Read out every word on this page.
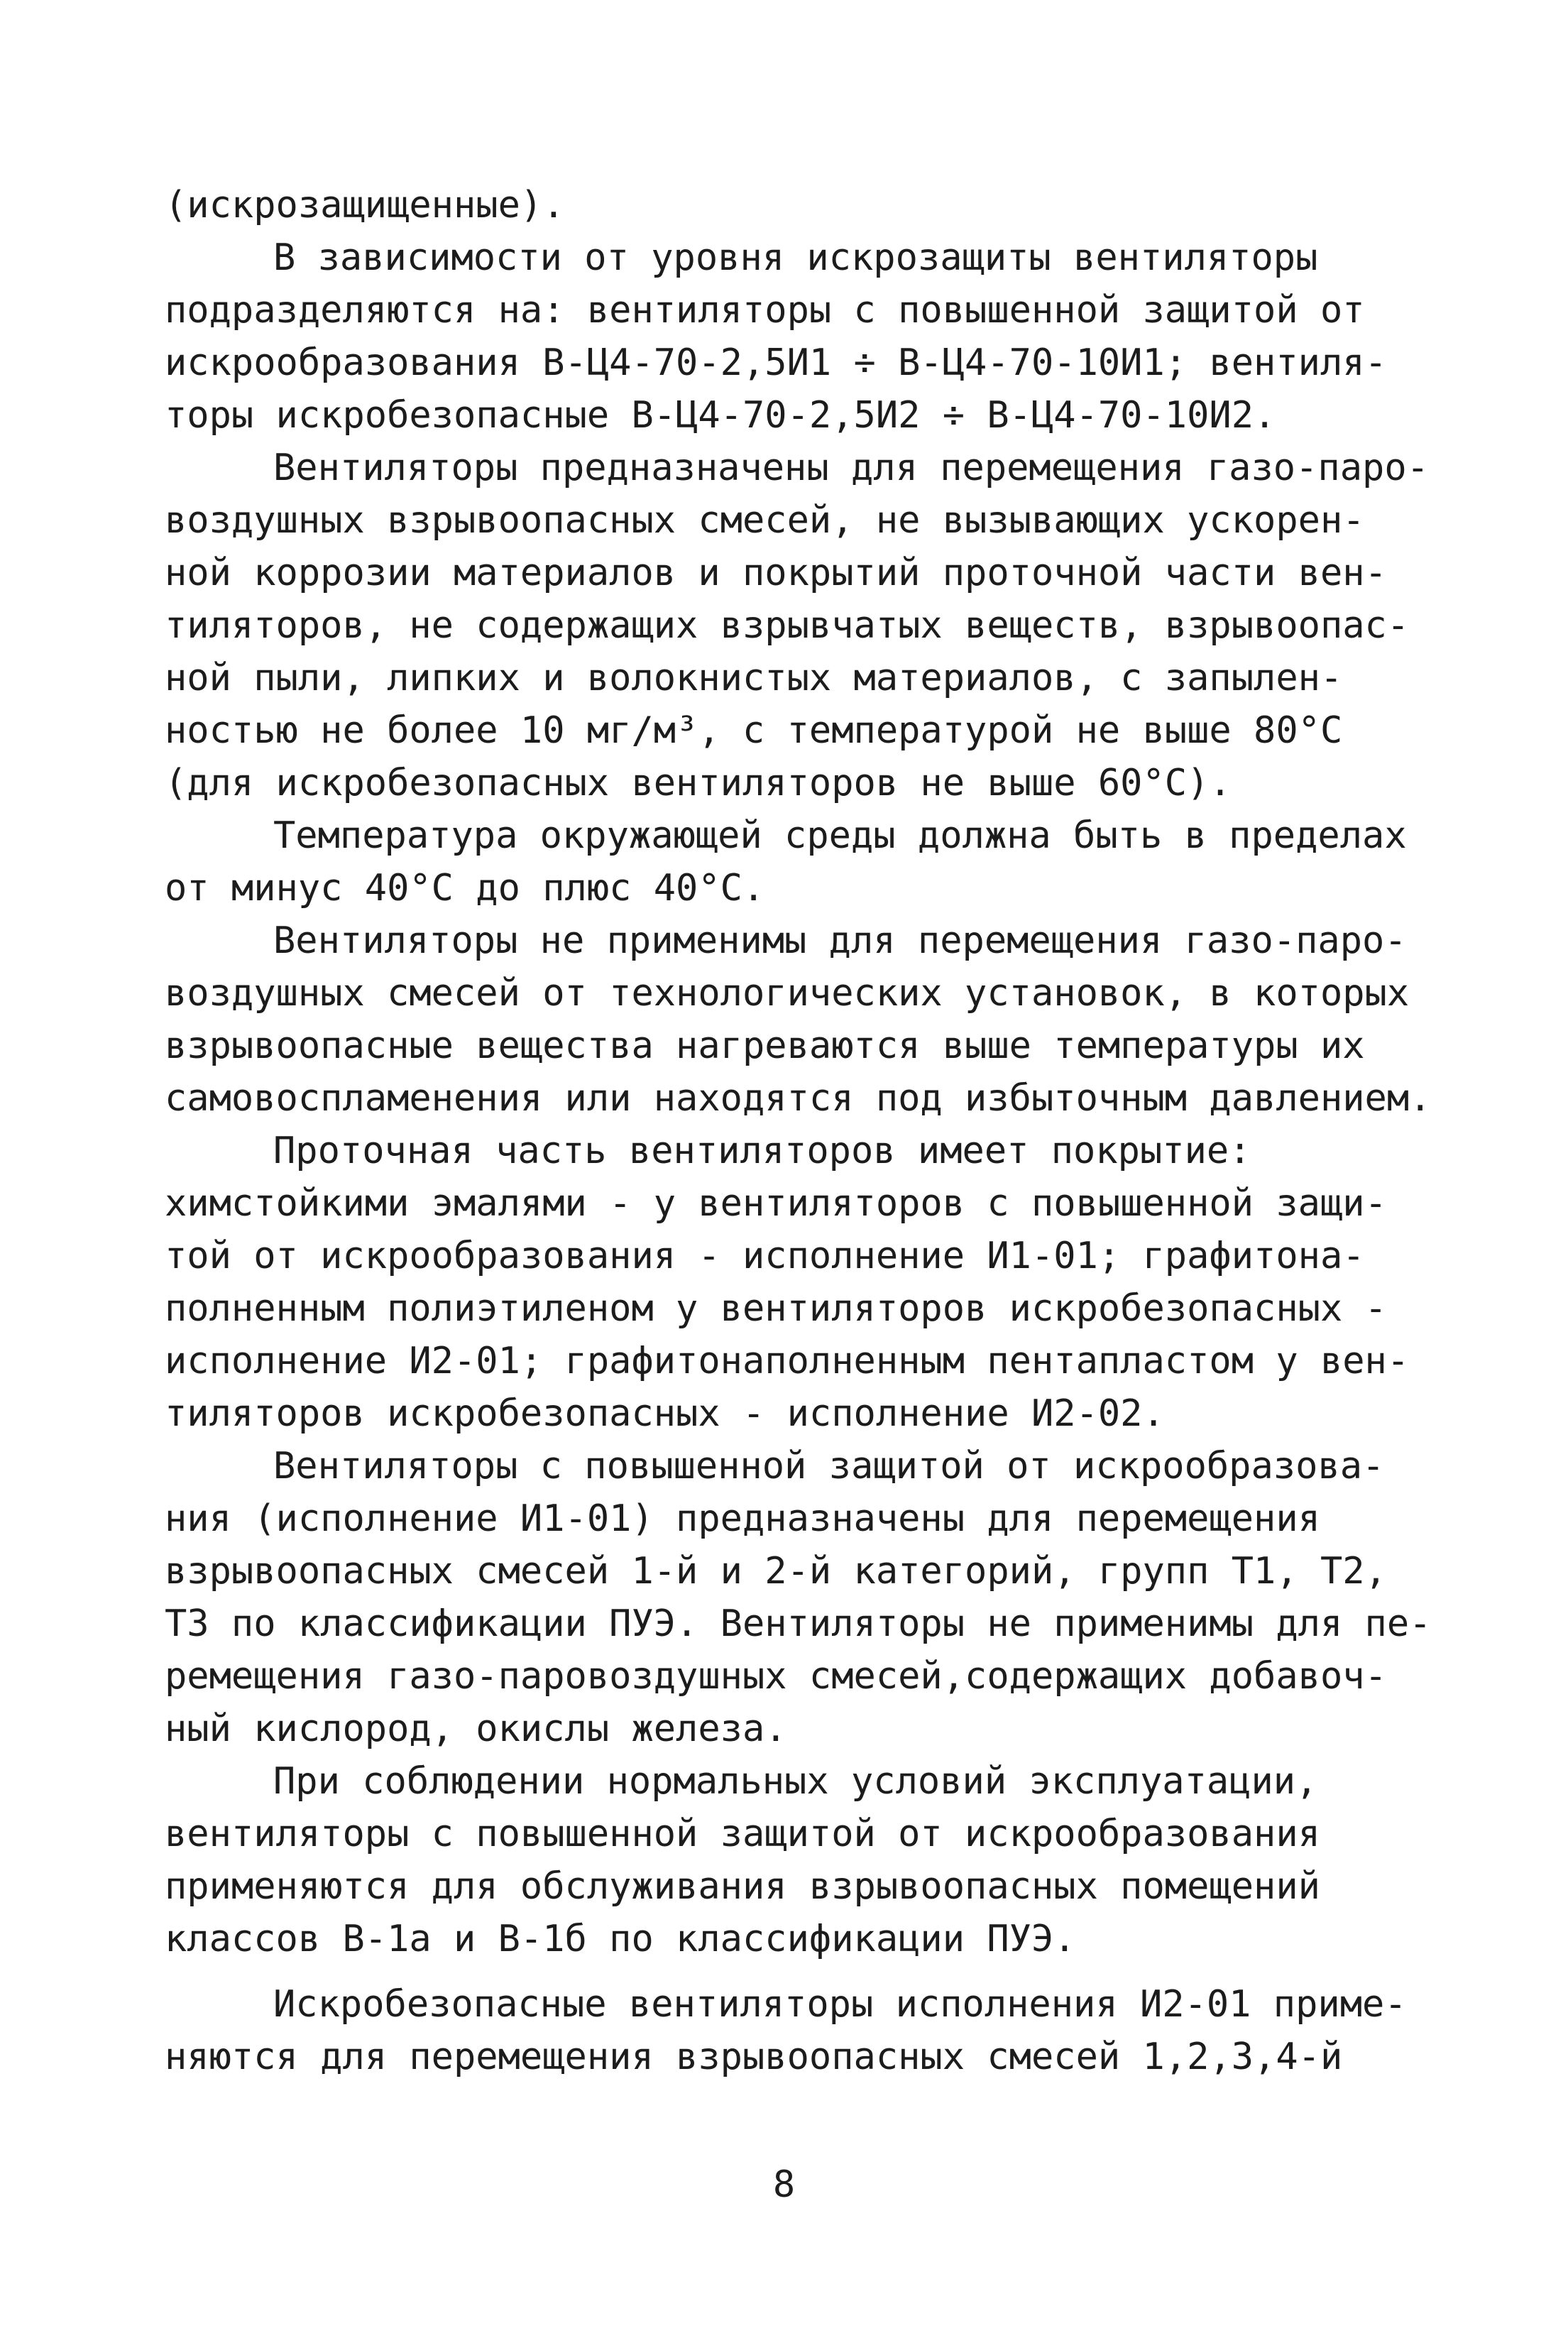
(искрозащищенные).
В зависимости от уровня искрозащиты вентиляторы
подразделяются на: вентиляторы с повышенной защитой от
искрообразования В-Ц4-70-2,5И1 ÷ В-Ц4-70-10И1; вентиля-
торы искробезопасные В-Ц4-70-2,5И2 ÷ В-Ц4-70-10И2.
Вентиляторы предназначены для перемещения газо-паро-
воздушных взрывоопасных смесей, не вызывающих ускорен-
ной коррозии материалов и покрытий проточной части вен-
тиляторов, не содержащих взрывчатых веществ, взрывоопас-
ной пыли, липких и волокнистых материалов, с запылен-
ностью не более 10 мг/м³, с температурой не выше 80°С
(для искробезопасных вентиляторов не выше 60°С).
Температура окружающей среды должна быть в пределах
от минус 40°С до плюс 40°С.
Вентиляторы не применимы для перемещения газо-паро-
воздушных смесей от технологических установок, в которых
взрывоопасные вещества нагреваются выше температуры их
самовоспламенения или находятся под избыточным давлением.
Проточная часть вентиляторов имеет покрытие:
химстойкими эмалями - у вентиляторов с повышенной защи-
той от искрообразования - исполнение И1-01; графитона-
полненным полиэтиленом у вентиляторов искробезопасных -
исполнение И2-01; графитонаполненным пентапластом у вен-
тиляторов искробезопасных - исполнение И2-02.
Вентиляторы с повышенной защитой от искрообразова-
ния (исполнение И1-01) предназначены для перемещения
взрывоопасных смесей 1-й и 2-й категорий, групп Т1, Т2,
Т3 по классификации ПУЭ. Вентиляторы не применимы для пе-
ремещения газо-паровоздушных смесей,содержащих добавоч-
ный кислород, окислы железа.
При соблюдении нормальных условий эксплуатации,
вентиляторы с повышенной защитой от искрообразования
применяются для обслуживания взрывоопасных помещений
классов В-1а и В-1б по классификации ПУЭ.
Искробезопасные вентиляторы исполнения И2-01 приме-
няются для перемещения взрывоопасных смесей 1,2,3,4-й
8
